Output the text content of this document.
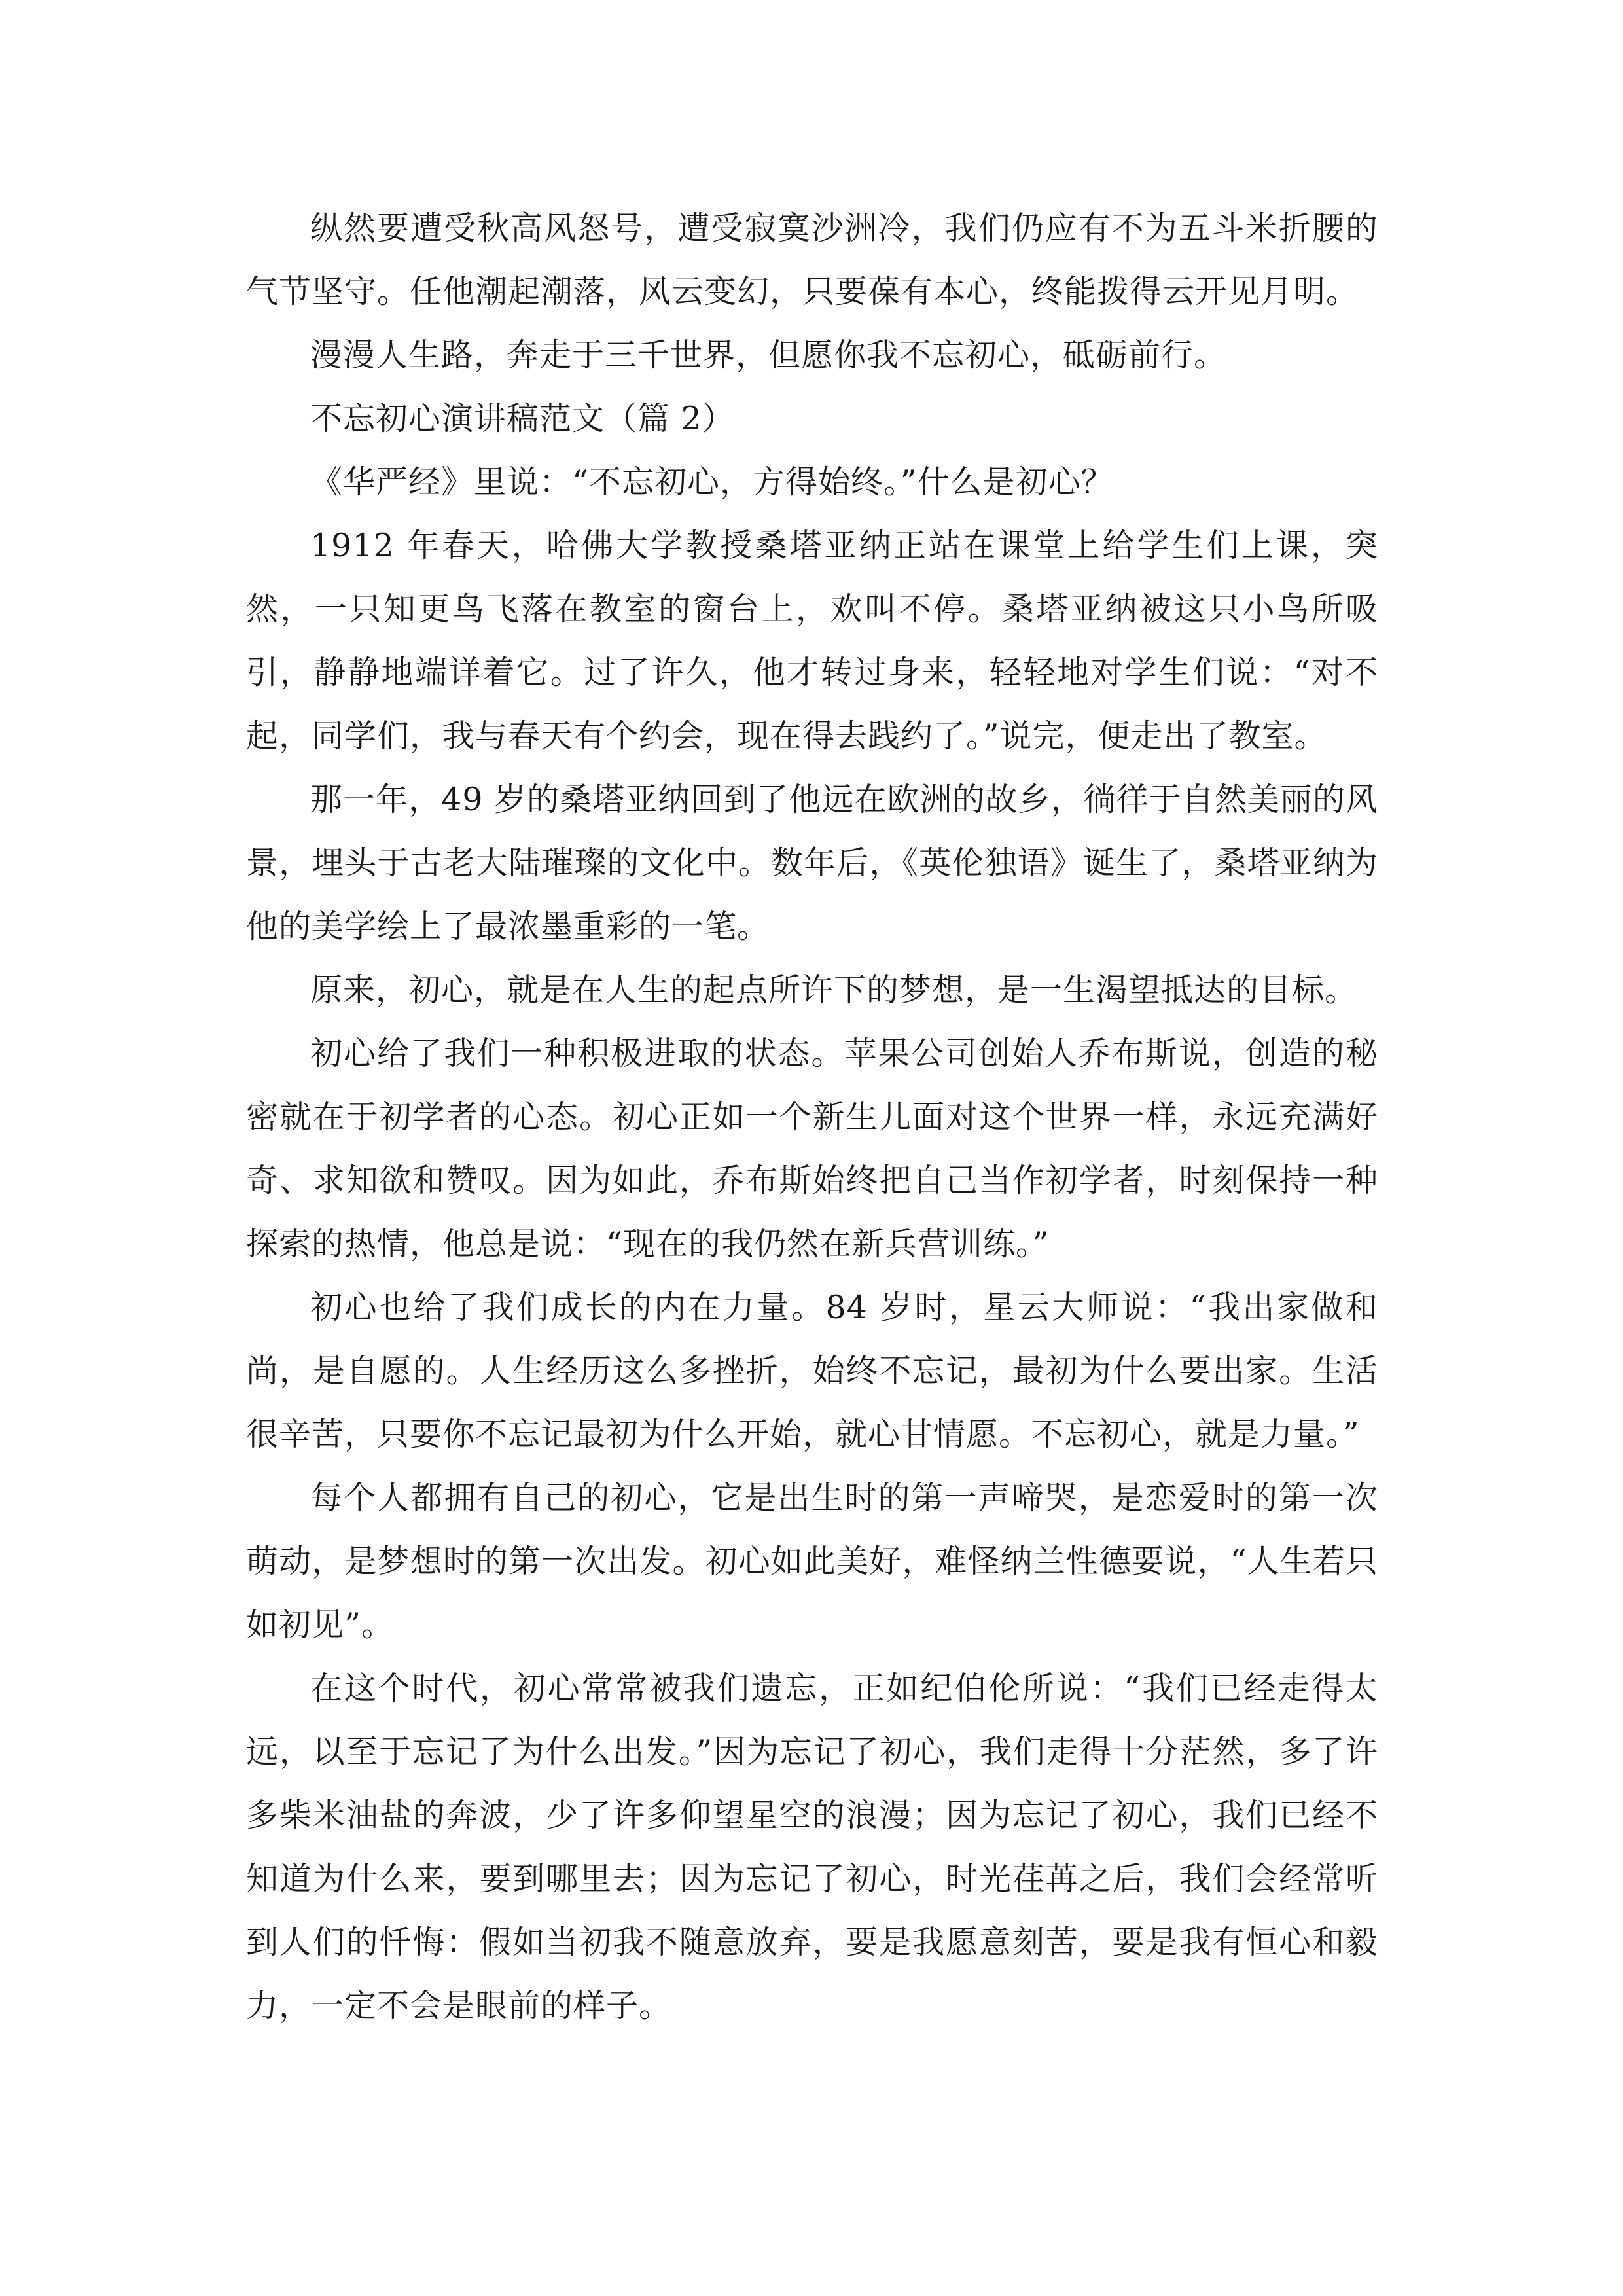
纵然要遭受秋高风怒号，遭受寂寞沙洲冷，我们仍应有不为五斗米折腰的气节坚守。任他潮起潮落，风云变幻，只要葆有本心，终能拨得云开见月明。

漫漫人生路，奔走于三千世界，但愿你我不忘初心，砥砺前行。

不忘初心演讲稿范文（篇 2）

《华严经》里说：“不忘初心，方得始终。”什么是初心？

1912 年春天，哈佛大学教授桑塔亚纳正站在课堂上给学生们上课，突然，一只知更鸟飞落在教室的窗台上，欢叫不停。桑塔亚纳被这只小鸟所吸引，静静地端详着它。过了许久，他才转过身来，轻轻地对学生们说：“对不起，同学们，我与春天有个约会，现在得去践约了。”说完，便走出了教室。

那一年，49 岁的桑塔亚纳回到了他远在欧洲的故乡，徜徉于自然美丽的风景，埋头于古老大陆璀璨的文化中。数年后，《英伦独语》诞生了，桑塔亚纳为他的美学绘上了最浓墨重彩的一笔。

原来，初心，就是在人生的起点所许下的梦想，是一生渴望抵达的目标。

初心给了我们一种积极进取的状态。苹果公司创始人乔布斯说，创造的秘密就在于初学者的心态。初心正如一个新生儿面对这个世界一样，永远充满好奇、求知欲和赞叹。因为如此，乔布斯始终把自己当作初学者，时刻保持一种探索的热情，他总是说：“现在的我仍然在新兵营训练。”

初心也给了我们成长的内在力量。84 岁时，星云大师说：“我出家做和尚，是自愿的。人生经历这么多挫折，始终不忘记，最初为什么要出家。生活很辛苦，只要你不忘记最初为什么开始，就心甘情愿。不忘初心，就是力量。”

每个人都拥有自己的初心，它是出生时的第一声啼哭，是恋爱时的第一次萌动，是梦想时的第一次出发。初心如此美好，难怪纳兰性德要说，“人生若只如初见”。

在这个时代，初心常常被我们遗忘，正如纪伯伦所说：“我们已经走得太远，以至于忘记了为什么出发。”因为忘记了初心，我们走得十分茫然，多了许多柴米油盐的奔波，少了许多仰望星空的浪漫；因为忘记了初心，我们已经不知道为什么来，要到哪里去；因为忘记了初心，时光荏苒之后，我们会经常听到人们的忏悔：假如当初我不随意放弃，要是我愿意刻苦，要是我有恒心和毅力，一定不会是眼前的样子。
